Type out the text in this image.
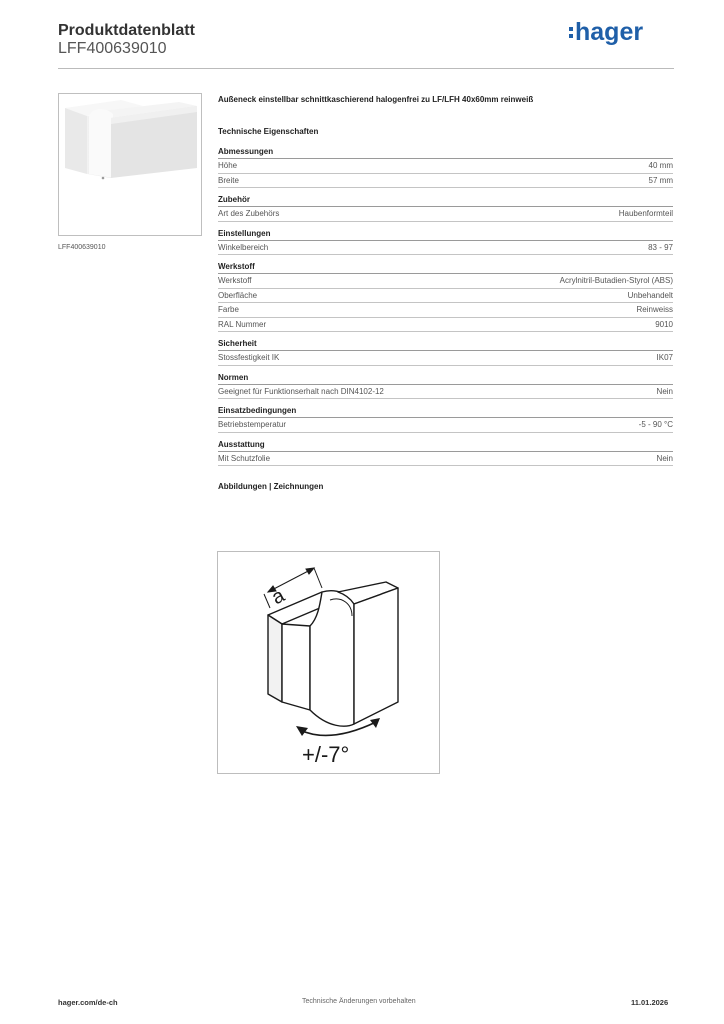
Produktdatenblatt
LFF400639010
hager
LFF400639010
Außeneck einstellbar schnittkaschierend halogenfrei zu LF/LFH 40x60mm reinweiß
Technische Eigenschaften
Abmessungen
Höhe	40 mm
Breite	57 mm
Zubehör
Art des Zubehörs	Haubenformteil
Einstellungen
Winkelbereich	83 - 97
Werkstoff
Werkstoff	Acrylnitril-Butadien-Styrol (ABS)
Oberfläche	Unbehandelt
Farbe	Reinweiss
RAL Nummer	9010
Sicherheit
Stossfestigkeit IK	IK07
Normen
Geeignet für Funktionserhalt nach DIN4102-12	Nein
Einsatzbedingungen
Betriebstemperatur	-5 - 90 °C
Ausstattung
Mit Schutzfolie	Nein
Abbildungen | Zeichnungen
a
+/-7°
hager.com/de-ch	Technische Änderungen vorbehalten	11.01.2026
